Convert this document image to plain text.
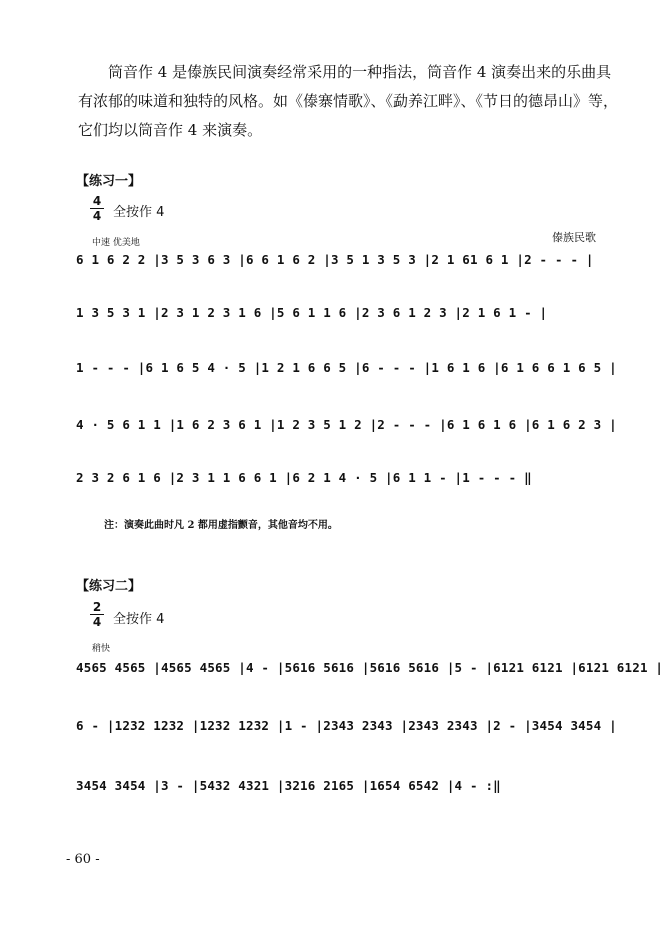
筒音作 4 是傣族民间演奏经常采用的一种指法，筒音作 4 演奏出来的乐曲具

有浓郁的味道和独特的风格。如《傣寨情歌》、《勐养江畔》、《节日的德昂山》等，

它们均以筒音作 4 来演奏。

【练习一】
4
4 全按作 4
中速 优美地	傣族民歌
6 1 6 2 2 |3 5 3 6 3 |6 6 1 6 2 |3 5 1 3 5 3 |2 1 61 6 1 |2 - - - |
1 3 5 3 1 |2 3 1 2 3 1 6 |5 6 1 1 6 |2 3 6 1 2 3 |2 1 6 1 - |
1 - - - |6 1 6 5 4 · 5 |1 2 1 6 6 5 |6 - - - |1 6 1 6 |6 1 6 6 1 6 5 |
4 · 5 6 1 1 |1 6 2 3 6 1 |1 2 3 5 1 2 |2 - - - |6 1 6 1 6 |6 1 6 2 3 |
2 3 2 6 1 6 |2 3 1 1 6 6 1 |6 2 1 4 · 5 |6 1 1 - |1 - - - ‖
注：演奏此曲时凡 2 都用虚指颤音，其他音均不用。
【练习二】
2
4 全按作 4
稍快
4565 4565 |4565 4565 |4 - |5616 5616 |5616 5616 |5 - |6121 6121 |6121 6121 |
6 - |1232 1232 |1232 1232 |1 - |2343 2343 |2343 2343 |2 - |3454 3454 |
3454 3454 |3 - |5432 4321 |3216 2165 |1654 6542 |4 - :‖
- 60 -
